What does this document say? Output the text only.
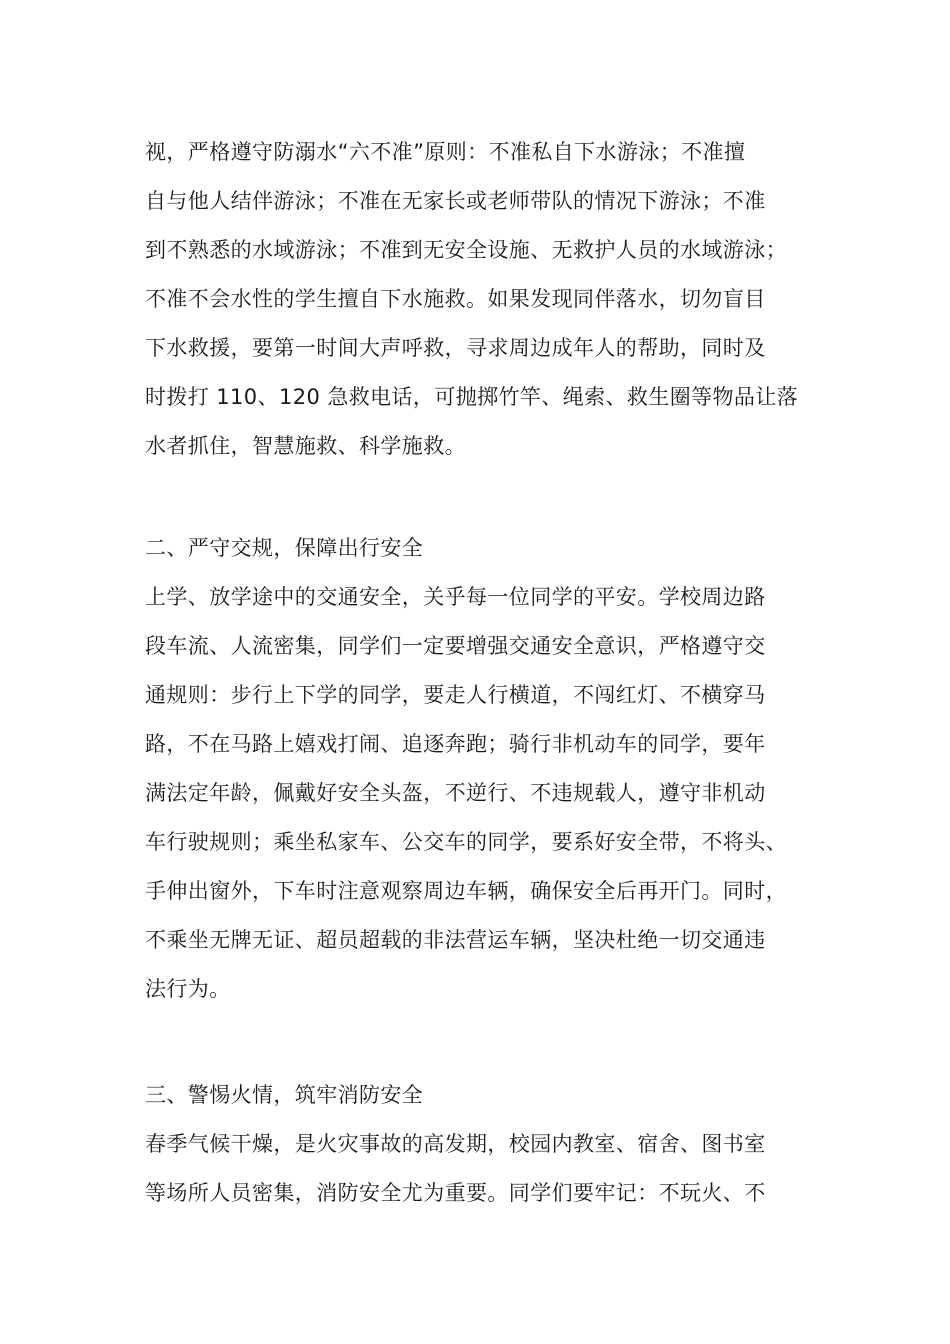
视，严格遵守防溺水“六不准”原则：不准私自下水游泳；不准擅
自与他人结伴游泳；不准在无家长或老师带队的情况下游泳；不准
到不熟悉的水域游泳；不准到无安全设施、无救护人员的水域游泳；
不准不会水性的学生擅自下水施救。如果发现同伴落水，切勿盲目
下水救援，要第一时间大声呼救，寻求周边成年人的帮助，同时及
时拨打 110、120 急救电话，可抛掷竹竿、绳索、救生圈等物品让落
水者抓住，智慧施救、科学施救。
二、严守交规，保障出行安全
上学、放学途中的交通安全，关乎每一位同学的平安。学校周边路
段车流、人流密集，同学们一定要增强交通安全意识，严格遵守交
通规则：步行上下学的同学，要走人行横道，不闯红灯、不横穿马
路，不在马路上嬉戏打闹、追逐奔跑；骑行非机动车的同学，要年
满法定年龄，佩戴好安全头盔，不逆行、不违规载人，遵守非机动
车行驶规则；乘坐私家车、公交车的同学，要系好安全带，不将头、
手伸出窗外，下车时注意观察周边车辆，确保安全后再开门。同时，
不乘坐无牌无证、超员超载的非法营运车辆，坚决杜绝一切交通违
法行为。
三、警惕火情，筑牢消防安全
春季气候干燥，是火灾事故的高发期，校园内教室、宿舍、图书室
等场所人员密集，消防安全尤为重要。同学们要牢记：不玩火、不
